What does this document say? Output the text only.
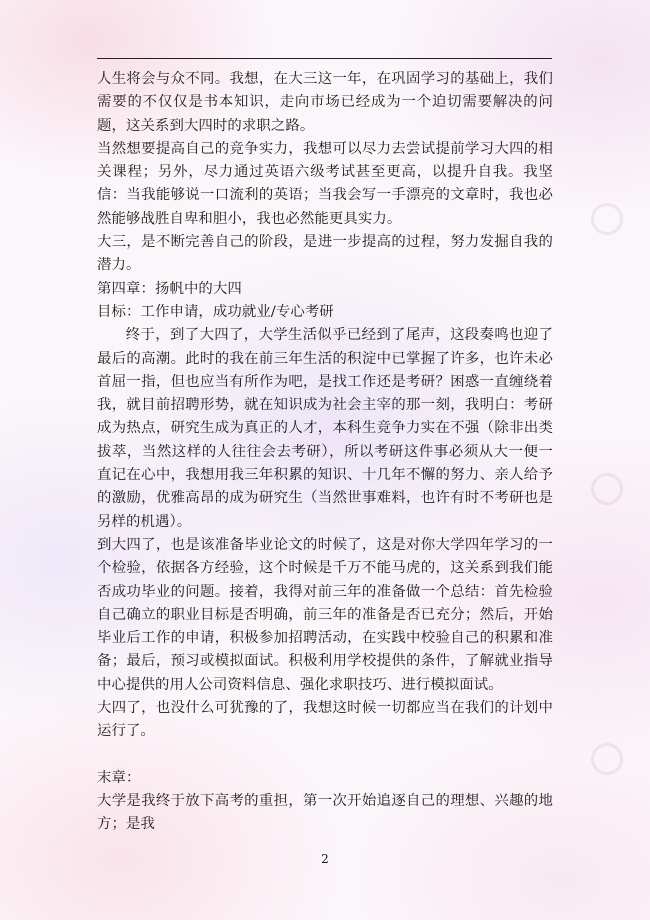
人生将会与众不同。我想，在大三这一年，在巩固学习的基础上，我们需要的不仅仅是书本知识，走向市场已经成为一个迫切需要解决的问题，这关系到大四时的求职之路。

当然想要提高自己的竞争实力，我想可以尽力去尝试提前学习大四的相关课程；另外，尽力通过英语六级考试甚至更高，以提升自我。我坚信：当我能够说一口流利的英语；当我会写一手漂亮的文章时，我也必然能够战胜自卑和胆小，我也必然能更具实力。

大三，是不断完善自己的阶段，是进一步提高的过程，努力发掘自我的潜力。

第四章：扬帆中的大四

目标：工作申请，成功就业/专心考研

终于，到了大四了，大学生活似乎已经到了尾声，这段奏鸣也迎了最后的高潮。此时的我在前三年生活的积淀中已掌握了许多，也许未必首屈一指，但也应当有所作为吧，是找工作还是考研？困惑一直缠绕着我，就目前招聘形势，就在知识成为社会主宰的那一刻，我明白：考研成为热点，研究生成为真正的人才，本科生竞争力实在不强（除非出类拔萃，当然这样的人往往会去考研），所以考研这件事必须从大一便一直记在心中，我想用我三年积累的知识、十几年不懈的努力、亲人给予的激励，优雅高昂的成为研究生（当然世事难料，也许有时不考研也是另样的机遇）。

到大四了，也是该准备毕业论文的时候了，这是对你大学四年学习的一个检验，依据各方经验，这个时候是千万不能马虎的，这关系到我们能否成功毕业的问题。接着，我得对前三年的准备做一个总结：首先检验自己确立的职业目标是否明确，前三年的准备是否已充分；然后，开始毕业后工作的申请，积极参加招聘活动，在实践中校验自己的积累和准备；最后，预习或模拟面试。积极利用学校提供的条件，了解就业指导中心提供的用人公司资料信息、强化求职技巧、进行模拟面试。

大四了，也没什么可犹豫的了，我想这时候一切都应当在我们的计划中运行了。

末章：

大学是我终于放下高考的重担，第一次开始追逐自己的理想、兴趣的地方；是我

2
